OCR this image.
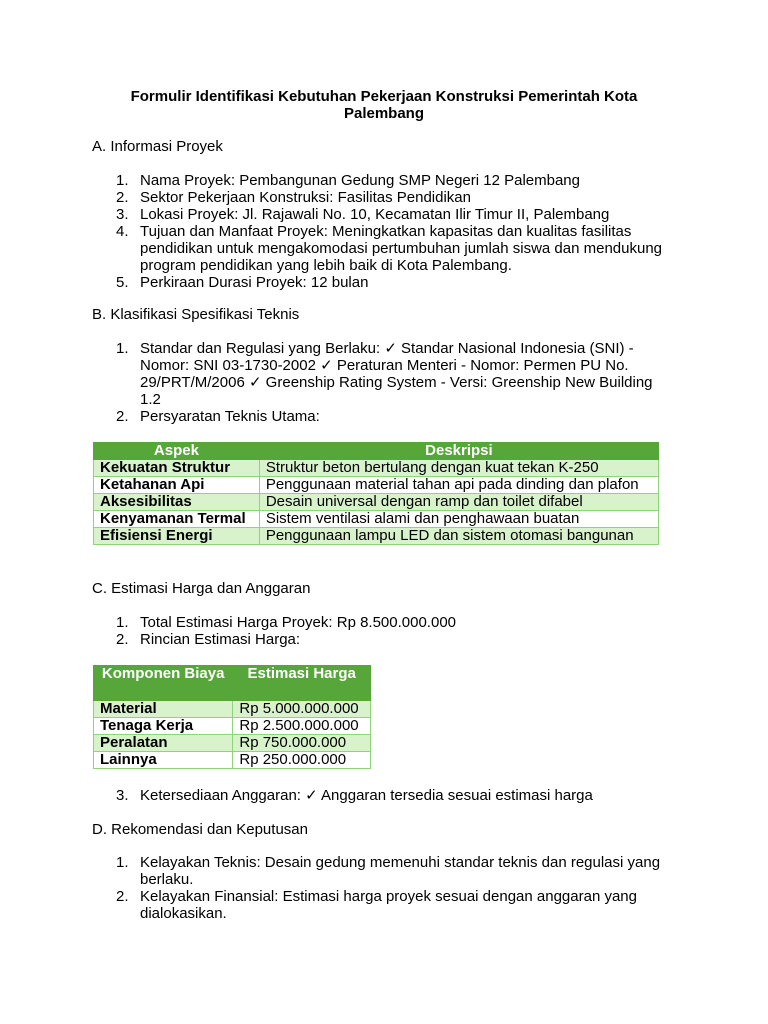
Formulir Identifikasi Kebutuhan Pekerjaan Konstruksi Pemerintah Kota Palembang
A. Informasi Proyek
1. Nama Proyek: Pembangunan Gedung SMP Negeri 12 Palembang
2. Sektor Pekerjaan Konstruksi: Fasilitas Pendidikan
3. Lokasi Proyek: Jl. Rajawali No. 10, Kecamatan Ilir Timur II, Palembang
4. Tujuan dan Manfaat Proyek: Meningkatkan kapasitas dan kualitas fasilitas pendidikan untuk mengakomodasi pertumbuhan jumlah siswa dan mendukung program pendidikan yang lebih baik di Kota Palembang.
5. Perkiraan Durasi Proyek: 12 bulan
B. Klasifikasi Spesifikasi Teknis
1. Standar dan Regulasi yang Berlaku: ✓ Standar Nasional Indonesia (SNI) - Nomor: SNI 03-1730-2002 ✓ Peraturan Menteri - Nomor: Permen PU No. 29/PRT/M/2006 ✓ Greenship Rating System - Versi: Greenship New Building 1.2
2. Persyaratan Teknis Utama:
Aspek	Deskripsi
Kekuatan Struktur	Struktur beton bertulang dengan kuat tekan K-250
Ketahanan Api	Penggunaan material tahan api pada dinding dan plafon
Aksesibilitas	Desain universal dengan ramp dan toilet difabel
Kenyamanan Termal	Sistem ventilasi alami dan penghawaan buatan
Efisiensi Energi	Penggunaan lampu LED dan sistem otomasi bangunan
C. Estimasi Harga dan Anggaran
1. Total Estimasi Harga Proyek: Rp 8.500.000.000
2. Rincian Estimasi Harga:
Komponen Biaya	Estimasi Harga
Material	Rp 5.000.000.000
Tenaga Kerja	Rp 2.500.000.000
Peralatan	Rp 750.000.000
Lainnya	Rp 250.000.000
3. Ketersediaan Anggaran: ✓ Anggaran tersedia sesuai estimasi harga
D. Rekomendasi dan Keputusan
1. Kelayakan Teknis: Desain gedung memenuhi standar teknis dan regulasi yang berlaku.
2. Kelayakan Finansial: Estimasi harga proyek sesuai dengan anggaran yang dialokasikan.
